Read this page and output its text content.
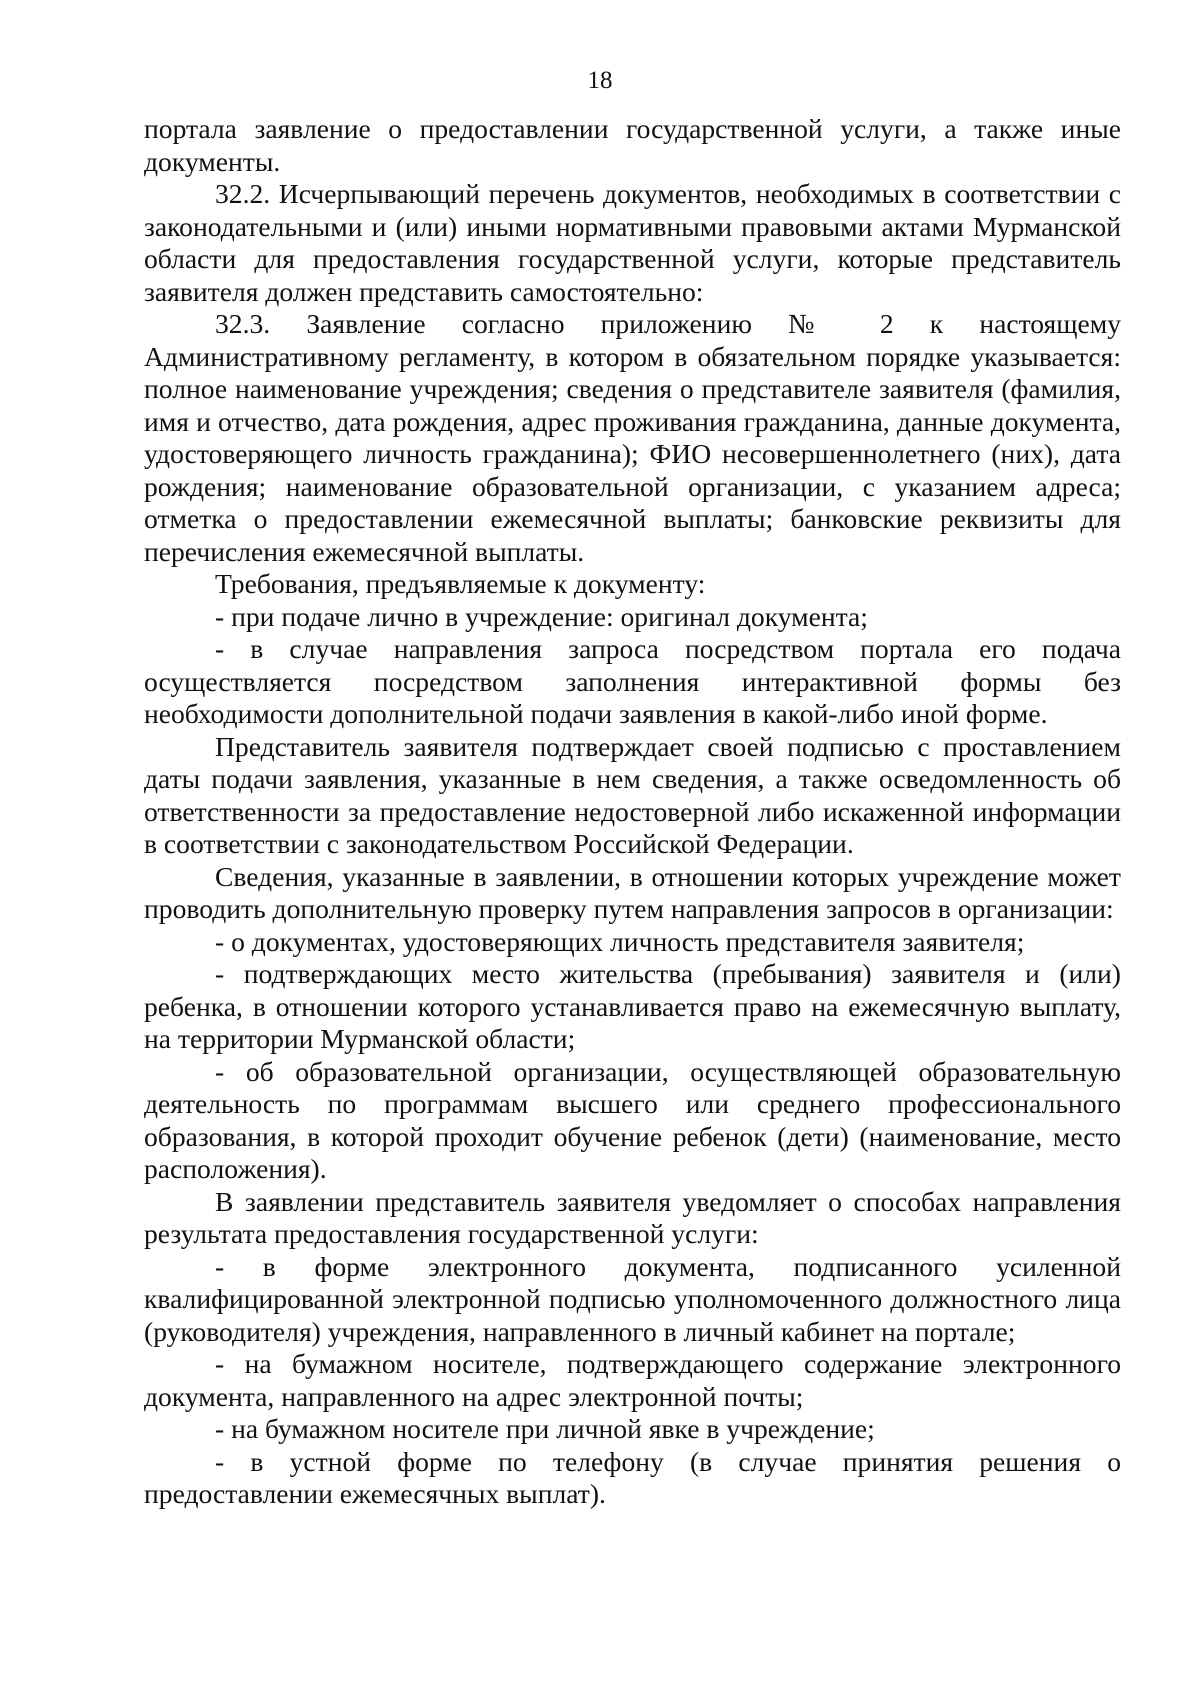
18

портала заявление о предоставлении государственной услуги, а также иные документы.

32.2. Исчерпывающий перечень документов, необходимых в соответствии с законодательными и (или) иными нормативными правовыми актами Мурманской области для предоставления государственной услуги, которые представитель заявителя должен представить самостоятельно:

32.3. Заявление согласно приложению № 2 к настоящему Административному регламенту, в котором в обязательном порядке указывается: полное наименование учреждения; сведения о представителе заявителя (фамилия, имя и отчество, дата рождения, адрес проживания гражданина, данные документа, удостоверяющего личность гражданина); ФИО несовершеннолетнего (них), дата рождения; наименование образовательной организации, с указанием адреса; отметка о предоставлении ежемесячной выплаты; банковские реквизиты для перечисления ежемесячной выплаты.

Требования, предъявляемые к документу:

- при подаче лично в учреждение: оригинал документа;

- в случае направления запроса посредством портала его подача осуществляется посредством заполнения интерактивной формы без необходимости дополнительной подачи заявления в какой-либо иной форме.

Представитель заявителя подтверждает своей подписью с проставлением даты подачи заявления, указанные в нем сведения, а также осведомленность об ответственности за предоставление недостоверной либо искаженной информации в соответствии с законодательством Российской Федерации.

Сведения, указанные в заявлении, в отношении которых учреждение может проводить дополнительную проверку путем направления запросов в организации:

- о документах, удостоверяющих личность представителя заявителя;

- подтверждающих место жительства (пребывания) заявителя и (или) ребенка, в отношении которого устанавливается право на ежемесячную выплату, на территории Мурманской области;

- об образовательной организации, осуществляющей образовательную деятельность по программам высшего или среднего профессионального образования, в которой проходит обучение ребенок (дети) (наименование, место расположения).

В заявлении представитель заявителя уведомляет о способах направления результата предоставления государственной услуги:

- в форме электронного документа, подписанного усиленной квалифицированной электронной подписью уполномоченного должностного лица (руководителя) учреждения, направленного в личный кабинет на портале;

- на бумажном носителе, подтверждающего содержание электронного документа, направленного на адрес электронной почты;

- на бумажном носителе при личной явке в учреждение;

- в устной форме по телефону (в случае принятия решения о предоставлении ежемесячных выплат).
